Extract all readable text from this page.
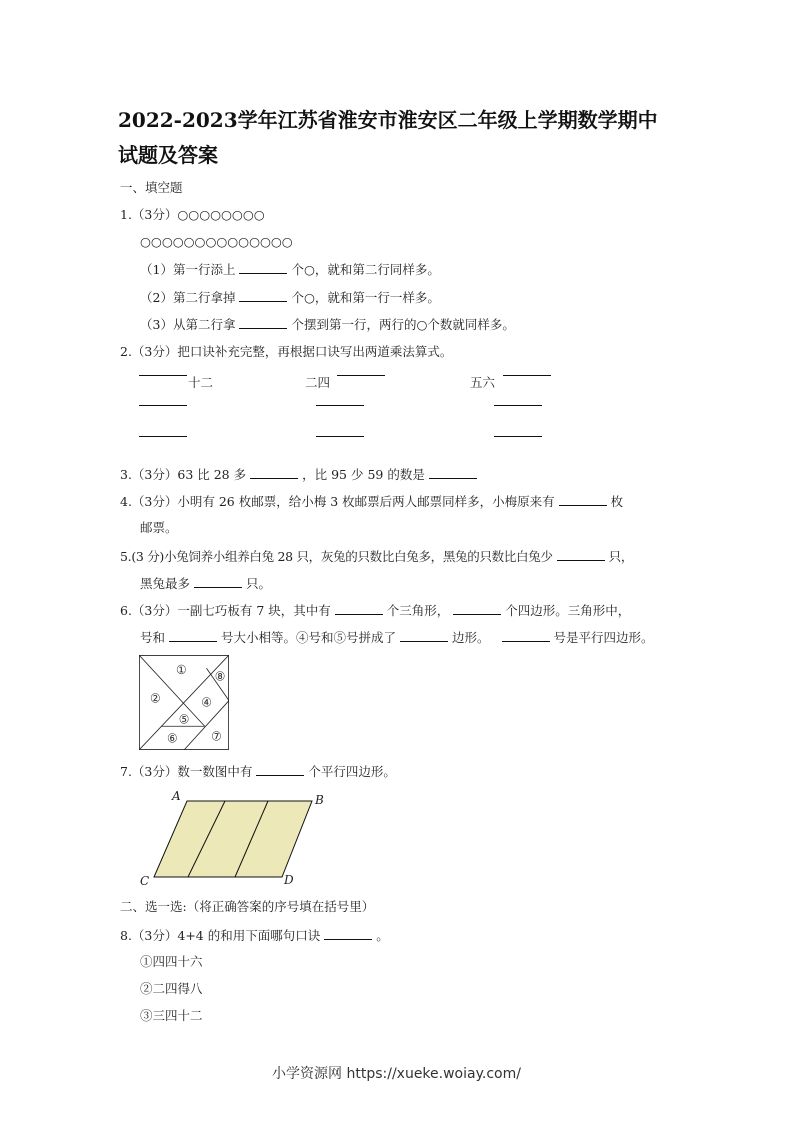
2022-2023学年江苏省淮安市淮安区二年级上学期数学期中
试题及答案
一、填空题
1.（3分）○○○○○○○○
○○○○○○○○○○○○○○
（1）第一行添上	个○，就和第二行同样多。
（2）第二行拿掉	个○，就和第一行一样多。
（3）从第二行拿	个摆到第一行，两行的○个数就同样多。
2.（3分）把口诀补充完整，再根据口诀写出两道乘法算式。
十二	二四	五六
3.（3分）63 比 28 多	，比 95 少 59 的数是
4.（3分）小明有 26 枚邮票，给小梅 3 枚邮票后两人邮票同样多，小梅原来有	枚
邮票。
5.(3 分)小兔饲养小组养白兔 28 只，灰兔的只数比白兔多，黑兔的只数比白兔少	只，
黑兔最多	只。
6.（3分）一副七巧板有 7 块，其中有	个三角形，	个四边形。三角形中，
号和	号大小相等。④号和⑤号拼成了	边形。	号是平行四边形。
①
②
⑧
④
⑤
⑥	⑦
7.（3分）数一数图中有	个平行四边形。
A	B
C	D
二、选一选:（将正确答案的序号填在括号里）
8.（3分）4+4 的和用下面哪句口诀	。
①四四十六
②二四得八
③三四十二
小学资源网 https://xueke.woiay.com/
